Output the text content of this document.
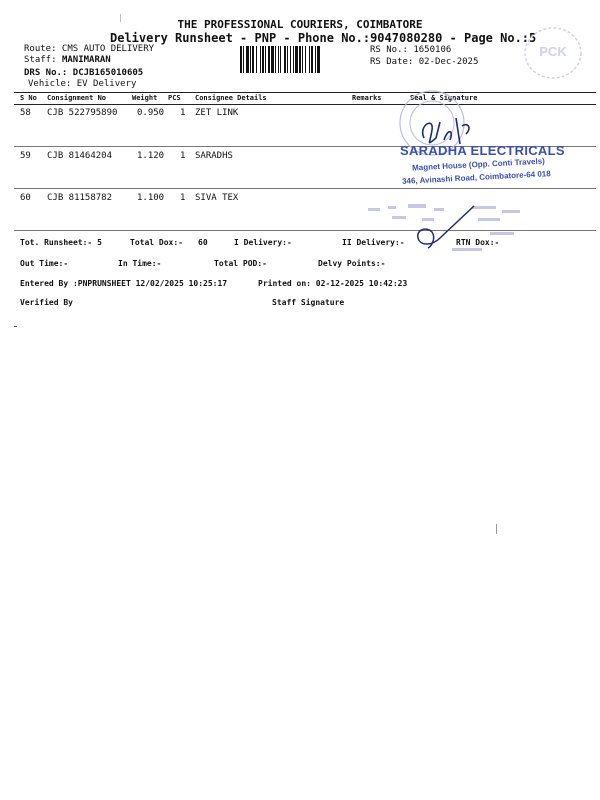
THE PROFESSIONAL COURIERS, COIMBATORE
Delivery Runsheet - PNP - Phone No.:9047080280 - Page No.:5
PCK
Route: CMS AUTO DELIVERY
Staff: MANIMARAN
DRS No.: DCJB165010605
Vehicle: EV Delivery
RS No.: 1650106
RS Date: 02-Dec-2025
S No Consignment No	Weight PCS Consignee Details	Remarks	Seal & Signature
58 CJB 522795890 0.950 1 ZET LINK
59 CJB 81464204	1.120 1 SARADHS
60 CJB 81158782	1.100 1 SIVA TEX
SARADHA ELECTRICALS
Magnet House (Opp. Conti Travels)
346, Avinashi Road, Coimbatore-64 018
Tot. Runsheet:- 5	Total Dox:- 60	I Delivery:-	II Delivery:-	RTN Dox:-
Out Time:-	In Time:-	Total POD:-	Delvy Points:-
Entered By :PNPRUNSHEET 12/02/2025 10:25:17	Printed on: 02-12-2025 10:42:23
Verified By	Staff Signature
